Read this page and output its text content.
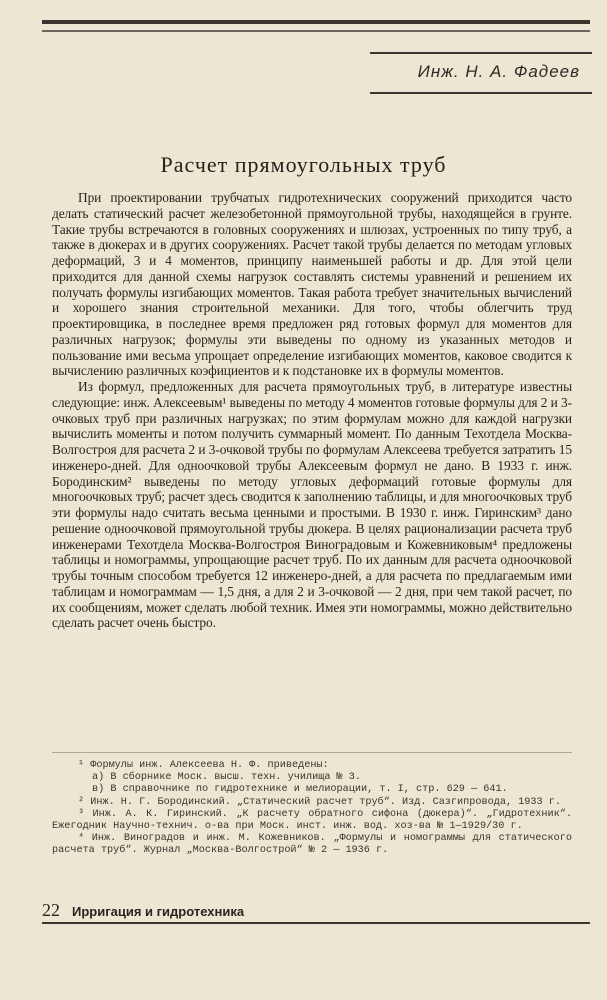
Инж. Н. А. Фадеев
Расчет прямоугольных труб

При проектировании трубчатых гидротехнических сооружений приходится часто делать статический расчет железобетонной прямоугольной трубы, находящейся в грунте. Такие трубы встречаются в головных сооружениях и шлюзах, устроенных по типу труб, а также в дюкерах и в других сооружениях. Расчет такой трубы делается по методам угловых деформаций, 3 и 4 моментов, принципу наименьшей работы и др. Для этой цели приходится для данной схемы нагрузок составлять системы уравнений и решением их получать формулы изгибающих моментов. Такая работа требует значительных вычислений и хорошего знания строительной механики. Для того, чтобы облегчить труд проектировщика, в последнее время предложен ряд готовых формул для моментов для различных нагрузок; формулы эти выведены по одному из указанных методов и пользование ими весьма упрощает определение изгибающих моментов, каковое сводится к вычислению различных коэфициентов и к подстановке их в формулы моментов.

Из формул, предложенных для расчета прямоугольных труб, в литературе известны следующие: инж. Алексеевым¹ выведены по методу 4 моментов готовые формулы для 2 и 3-очковых труб при различных нагрузках; по этим формулам можно для каждой нагрузки вычислить моменты и потом получить суммарный момент. По данным Техотдела Москва-Волгостроя для расчета 2 и 3-очковой трубы по формулам Алексеева требуется затратить 15 инженеро-дней. Для одноочковой трубы Алексеевым формул не дано. В 1933 г. инж. Бородинским² выведены по методу угловых деформаций готовые формулы для многоочковых труб; расчет здесь сводится к заполнению таблицы, и для многоочковых труб эти формулы надо считать весьма ценными и простыми. В 1930 г. инж. Гиринским³ дано решение одноочковой прямоугольной трубы дюкера. В целях рационализации расчета труб инженерами Техотдела Москва-Волгостроя Виноградовым и Кожевниковым⁴ предложены таблицы и номограммы, упрощающие расчет труб. По их данным для расчета одноочковой трубы точным способом требуется 12 инженеро-дней, а для расчета по предлагаемым ими таблицам и номограммам — 1,5 дня, а для 2 и 3-очковой — 2 дня, при чем такой расчет, по их сообщениям, может сделать любой техник. Имея эти номограммы, можно действительно сделать расчет очень быстро.

¹ Формулы инж. Алексеева Н. Ф. приведены:

а) В сборнике Моск. высш. техн. училища № 3.

в) В справочнике по гидротехнике и мелиорации, т. I, стр. 629 — 641.

² Инж. Н. Г. Бородинский. „Статический расчет труб“. Изд. Сазгипровода, 1933 г.

³ Инж. А. К. Гиринский. „К расчету обратного сифона (дюкера)“. „Гидротехник“. Ежегодник Научно-технич. о-ва при Моск. инст. инж. вод. хоз-ва № 1—1929/30 г.

⁴ Инж. Виноградов и инж. М. Кожевников. „Формулы и номограммы для статического расчета труб“. Журнал „Москва-Волгострой“ № 2 — 1936 г.

22 Ирригация и гидротехника
